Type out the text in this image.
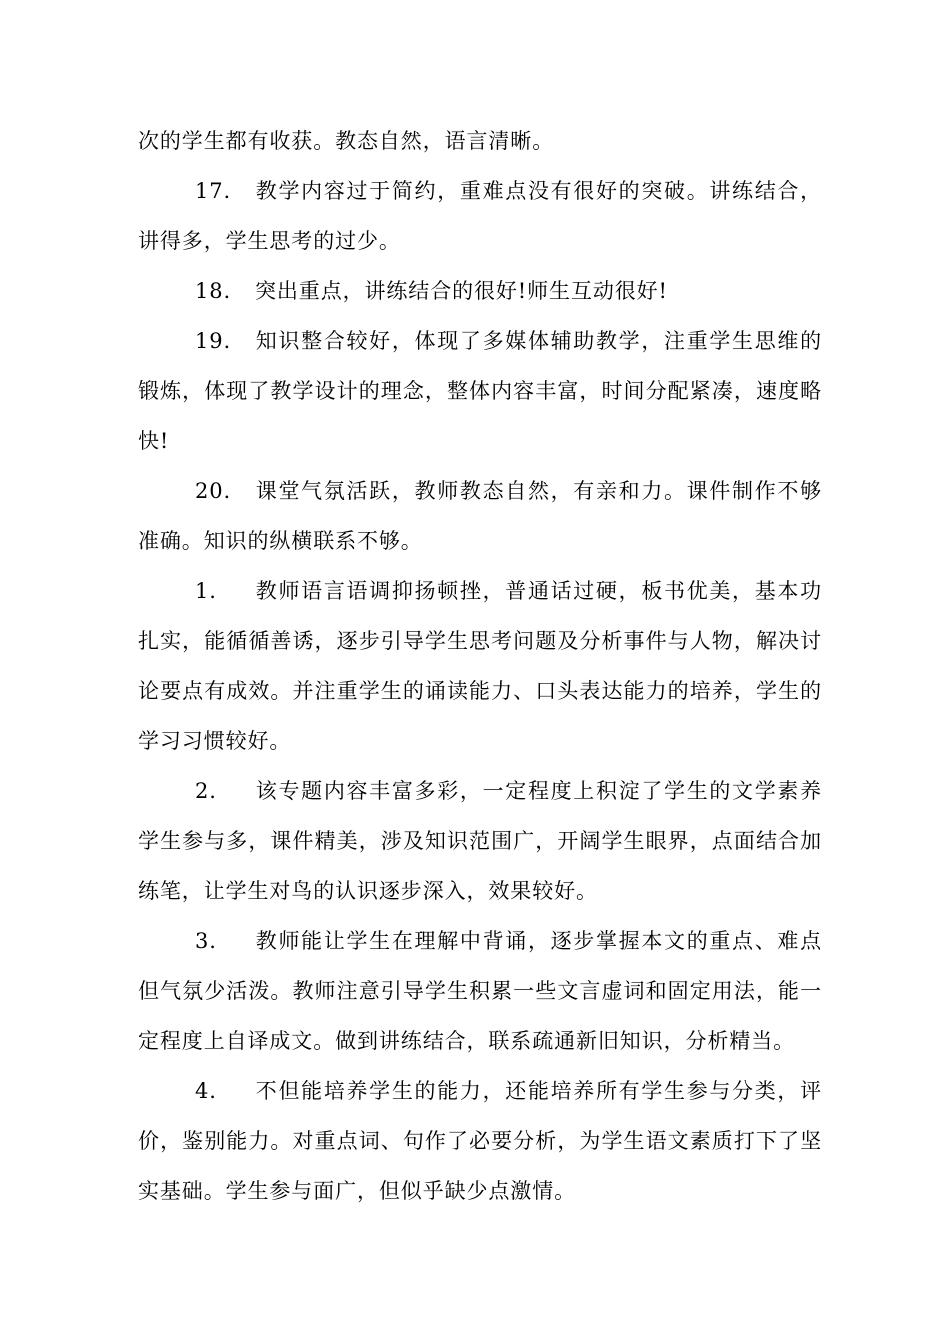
次的学生都有收获。教态自然，语言清晰。

17. 教学内容过于简约，重难点没有很好的突破。讲练结合，讲得多，学生思考的过少。

18. 突出重点，讲练结合的很好!师生互动很好!

19. 知识整合较好，体现了多媒体辅助教学，注重学生思维的锻炼，体现了教学设计的理念，整体内容丰富，时间分配紧凑，速度略快!

20. 课堂气氛活跃，教师教态自然，有亲和力。课件制作不够准确。知识的纵横联系不够。

1. 教师语言语调抑扬顿挫，普通话过硬，板书优美，基本功扎实，能循循善诱，逐步引导学生思考问题及分析事件与人物，解决讨论要点有成效。并注重学生的诵读能力、口头表达能力的培养，学生的学习习惯较好。

2. 该专题内容丰富多彩，一定程度上积淀了学生的文学素养学生参与多，课件精美，涉及知识范围广，开阔学生眼界，点面结合加练笔，让学生对鸟的认识逐步深入，效果较好。

3. 教师能让学生在理解中背诵，逐步掌握本文的重点、难点但气氛少活泼。教师注意引导学生积累一些文言虚词和固定用法，能一定程度上自译成文。做到讲练结合，联系疏通新旧知识，分析精当。

4. 不但能培养学生的能力，还能培养所有学生参与分类，评价，鉴别能力。对重点词、句作了必要分析，为学生语文素质打下了坚实基础。学生参与面广，但似乎缺少点激情。
